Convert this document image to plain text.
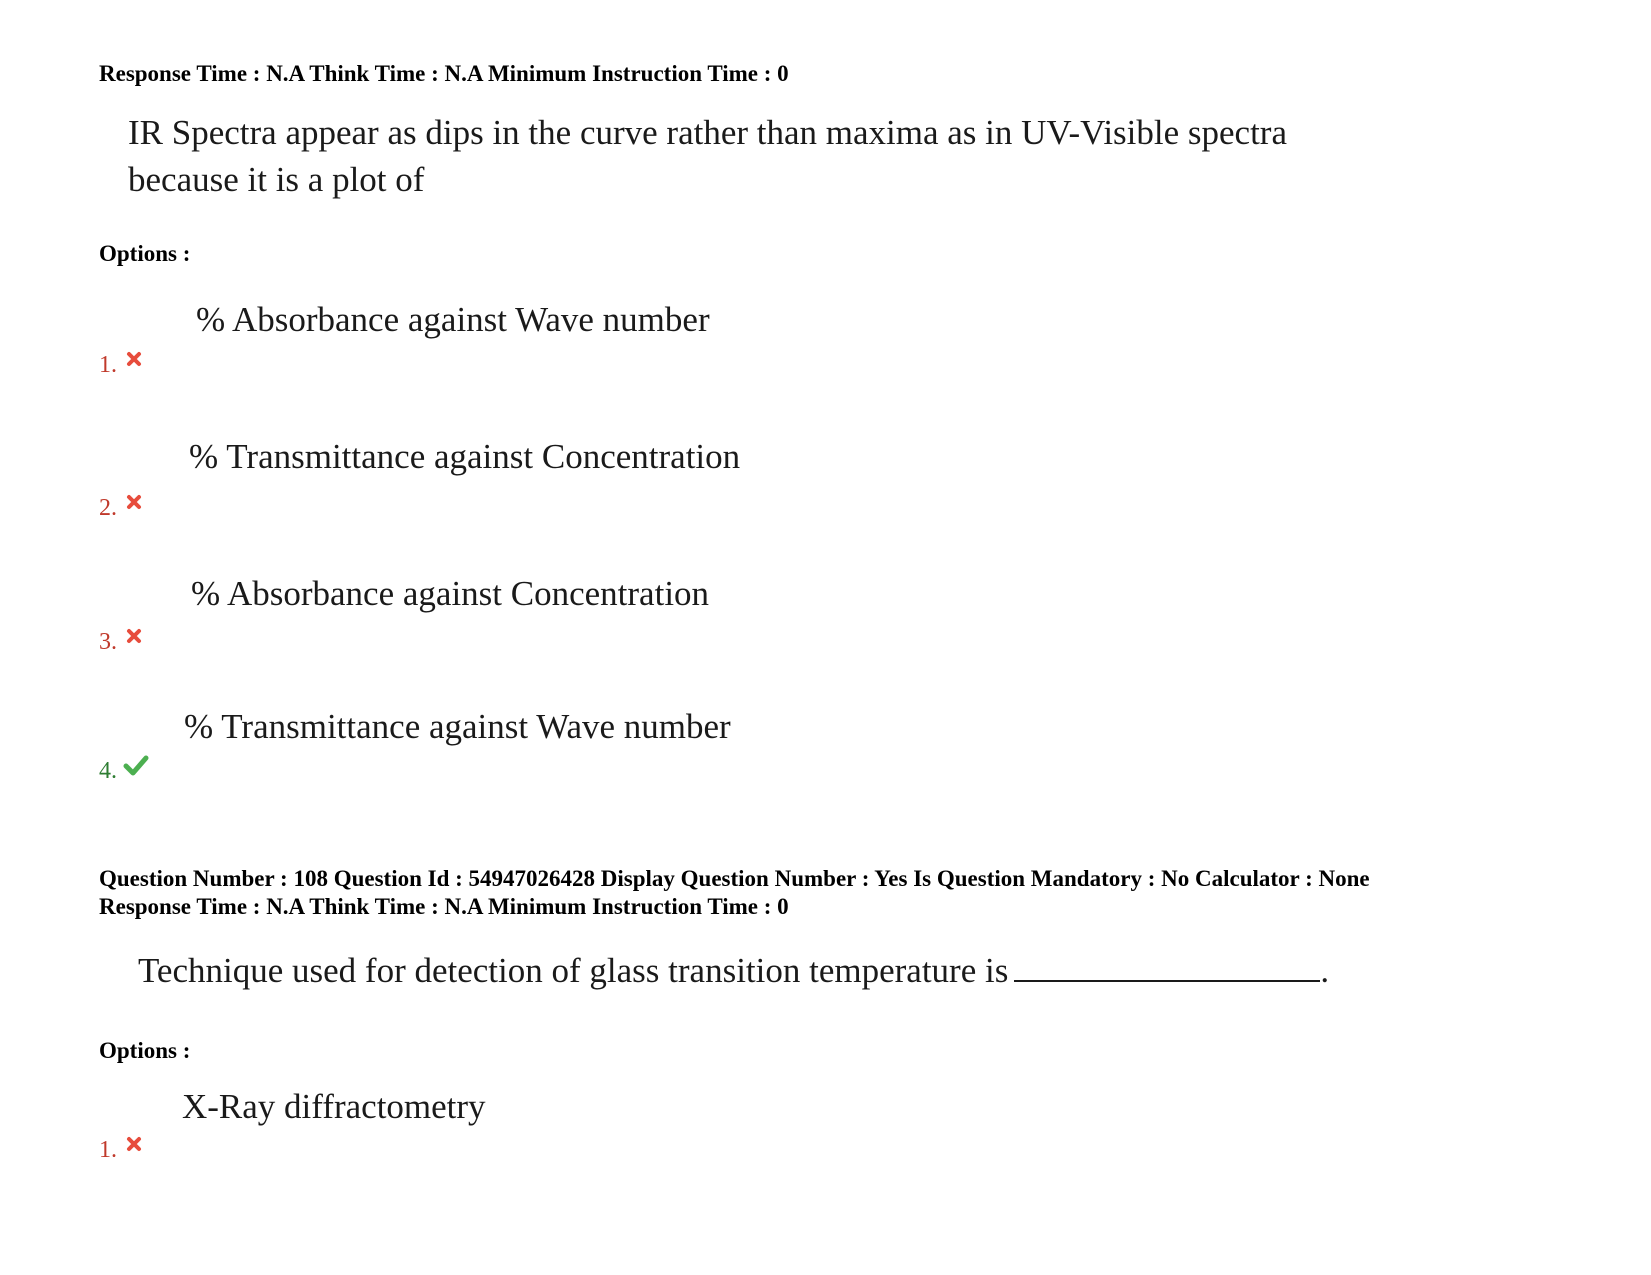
Response Time : N.A Think Time : N.A Minimum Instruction Time : 0
IR Spectra appear as dips in the curve rather than maxima as in UV-Visible spectra
because it is a plot of
Options :
% Absorbance against Wave number
1.
% Transmittance against Concentration
2.
% Absorbance against Concentration
3.
% Transmittance against Wave number
4.
Question Number : 108 Question Id : 54947026428 Display Question Number : Yes Is Question Mandatory : No Calculator : None
Response Time : N.A Think Time : N.A Minimum Instruction Time : 0
Technique used for detection of glass transition temperature is	.
Options :
X-Ray diffractometry
1.
